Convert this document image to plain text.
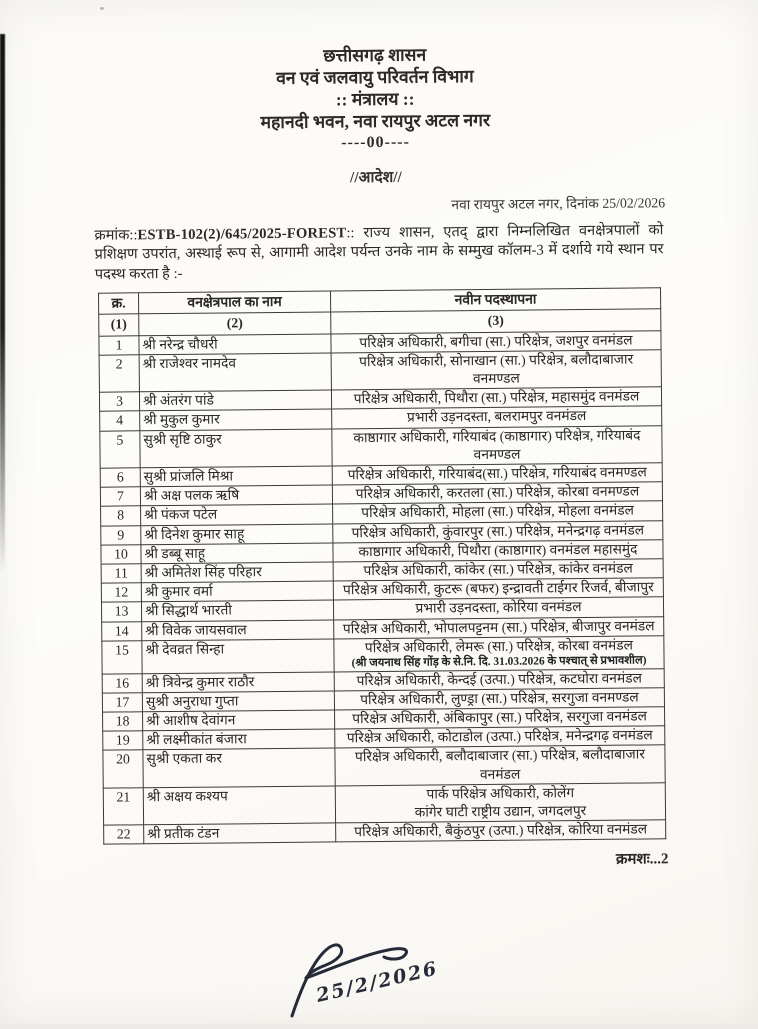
छत्तीसगढ़ शासन
वन एवं जलवायु परिवर्तन विभाग
:: मंत्रालय ::
महानदी भवन, नवा रायपुर अटल नगर
----00----
//आदेश//
नवा रायपुर अटल नगर, दिनांक 25/02/2026
क्रमांक::ESTB-102(2)/645/2025-FOREST:: राज्य शासन, एतद् द्वारा निम्नलिखित वनक्षेत्रपालों को प्रशिक्षण उपरांत, अस्थाई रूप से, आगामी आदेश पर्यन्त उनके नाम के सम्मुख कॉलम-3 में दर्शाये गये स्थान पर पदस्थ करता है :-
क्र.	वनक्षेत्रपाल का नाम	नवीन पदस्थापना
(1)	(2)	(3)
1	श्री नरेन्द्र चौधरी	परिक्षेत्र अधिकारी, बगीचा (सा.) परिक्षेत्र, जशपुर वनमंडल
2	श्री राजेश्वर नामदेव	परिक्षेत्र अधिकारी, सोनाखान (सा.) परिक्षेत्र, बलौदाबाजार वनमण्डल
3	श्री अंतरंग पांडे	परिक्षेत्र अधिकारी, पिथौरा (सा.) परिक्षेत्र, महासमुंद वनमंडल
4	श्री मुकुल कुमार	प्रभारी उड़नदस्ता, बलरामपुर वनमंडल
5	सुश्री सृष्टि ठाकुर	काष्ठागार अधिकारी, गरियाबंद (काष्ठागार) परिक्षेत्र, गरियाबंद वनमण्डल
6	सुश्री प्रांजलि मिश्रा	परिक्षेत्र अधिकारी, गरियाबंद(सा.) परिक्षेत्र, गरियाबंद वनमण्डल
7	श्री अक्ष पलक ऋषि	परिक्षेत्र अधिकारी, करतला (सा.) परिक्षेत्र, कोरबा वनमण्डल
8	श्री पंकज पटेल	परिक्षेत्र अधिकारी, मोहला (सा.) परिक्षेत्र, मोहला वनमंडल
9	श्री दिनेश कुमार साहू	परिक्षेत्र अधिकारी, कुंवारपुर (सा.) परिक्षेत्र, मनेन्द्रगढ़ वनमंडल
10	श्री डब्बू साहू	काष्ठागार अधिकारी, पिथौरा (काष्ठागार) वनमंडल महासमुंद
11	श्री अमितेश सिंह परिहार	परिक्षेत्र अधिकारी, कांकेर (सा.) परिक्षेत्र, कांकेर वनमंडल
12	श्री कुमार वर्मा	परिक्षेत्र अधिकारी, कुटरू (बफर) इन्द्रावती टाईगर रिजर्व, बीजापुर
13	श्री सिद्धार्थ भारती	प्रभारी उड़नदस्ता, कोरिया वनमंडल
14	श्री विवेक जायसवाल	परिक्षेत्र अधिकारी, भोपालपट्टनम (सा.) परिक्षेत्र, बीजापुर वनमंडल
15	श्री देवव्रत सिन्हा	परिक्षेत्र अधिकारी, लेमरू (सा.) परिक्षेत्र, कोरबा वनमंडल
(श्री जयनाथ सिंह गोंड़ के से.नि. दि. 31.03.2026 के पश्चात् से प्रभावशील)

16	श्री त्रिवेन्द्र कुमार राठौर	परिक्षेत्र अधिकारी, केन्दई (उत्पा.) परिक्षेत्र, कटघोरा वनमंडल
17	सुश्री अनुराधा गुप्ता	परिक्षेत्र अधिकारी, लुण्ड्रा (सा.) परिक्षेत्र, सरगुजा वनमण्डल
18	श्री आशीष देवांगन	परिक्षेत्र अधिकारी, अंबिकापुर (सा.) परिक्षेत्र, सरगुजा वनमंडल
19	श्री लक्ष्मीकांत बंजारा	परिक्षेत्र अधिकारी, कोटाडोल (उत्पा.) परिक्षेत्र, मनेन्द्रगढ़ वनमंडल
20	सुश्री एकता कर	परिक्षेत्र अधिकारी, बलौदाबाजार (सा.) परिक्षेत्र, बलौदाबाजार वनमंडल
21	श्री अक्षय कश्यप	पार्क परिक्षेत्र अधिकारी, कोलेंग
कांगेर घाटी राष्ट्रीय उद्यान, जगदलपुर
22	श्री प्रतीक टंडन	परिक्षेत्र अधिकारी, बैकुंठपुर (उत्पा.) परिक्षेत्र, कोरिया वनमंडल
क्रमशः...2
25/2/2026
